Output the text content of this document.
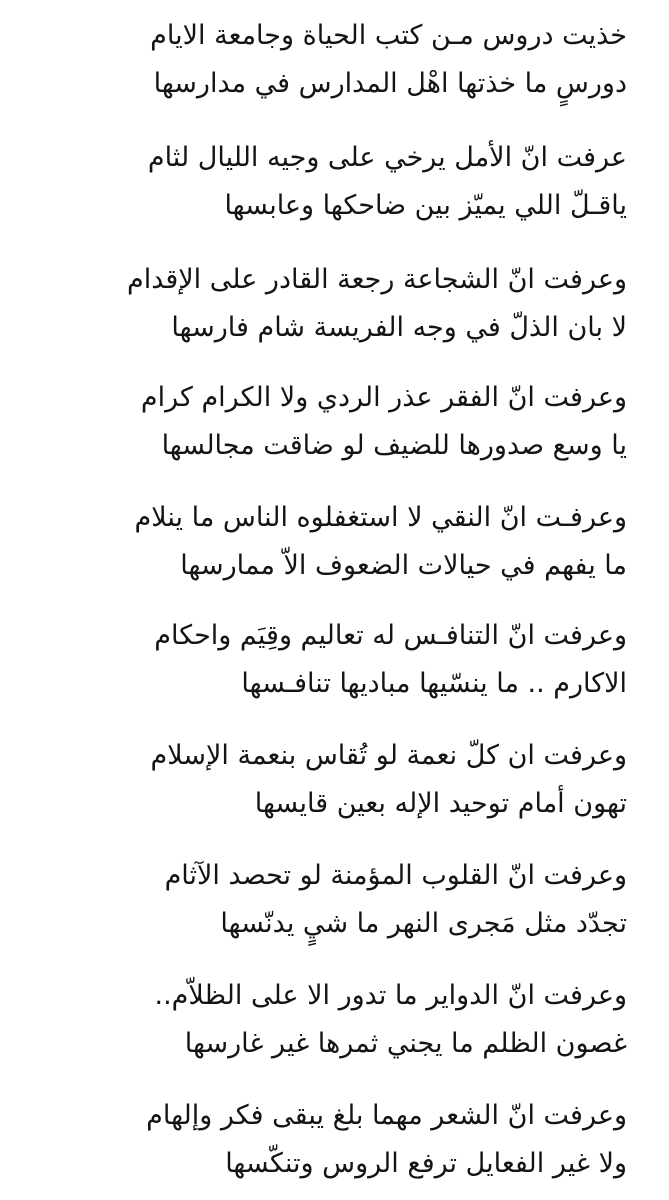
خذيت دروس مـن كتب الحياة وجامعة الايام
دورسٍ ما خذتها اهْل المدارس في مدارسها
عرفت انّ الأمل يرخي على وجيه الليال لثام
ياقـلّ اللي يميّز بين ضاحكها وعابسها
وعرفت انّ الشجاعة رجعة القادر على الإقدام
لا بان الذلّ في وجه الفريسة شام فارسها
وعرفت انّ الفقر عذر الردي ولا الكرام كرام
يا وسع صدورها للضيف لو ضاقت مجالسها
وعرفـت انّ النقي لا استغفلوه الناس ما ينلام
ما يفهم في حيالات الضعوف الاّ ممارسها
وعرفت انّ التنافـس له تعاليم وقِيَم واحكام
الاكارم .. ما ينسّيها مباديها تنافـسها
وعرفت ان كلّ نعمة لو تُقاس بنعمة الإسلام
تهون أمام توحيد الإله بعين قايسها
وعرفت انّ القلوب المؤمنة لو تحصد الآثام
تجدّد مثل مَجرى النهر ما شيٍ يدنّسها
وعرفت انّ الدواير ما تدور الا على الظلاّم..
غصون الظلم ما يجني ثمرها غير غارسها
وعرفت انّ الشعر مهما بلغ يبقى فكر وإلهام
ولا غير الفعايل ترفع الروس وتنكّسها
